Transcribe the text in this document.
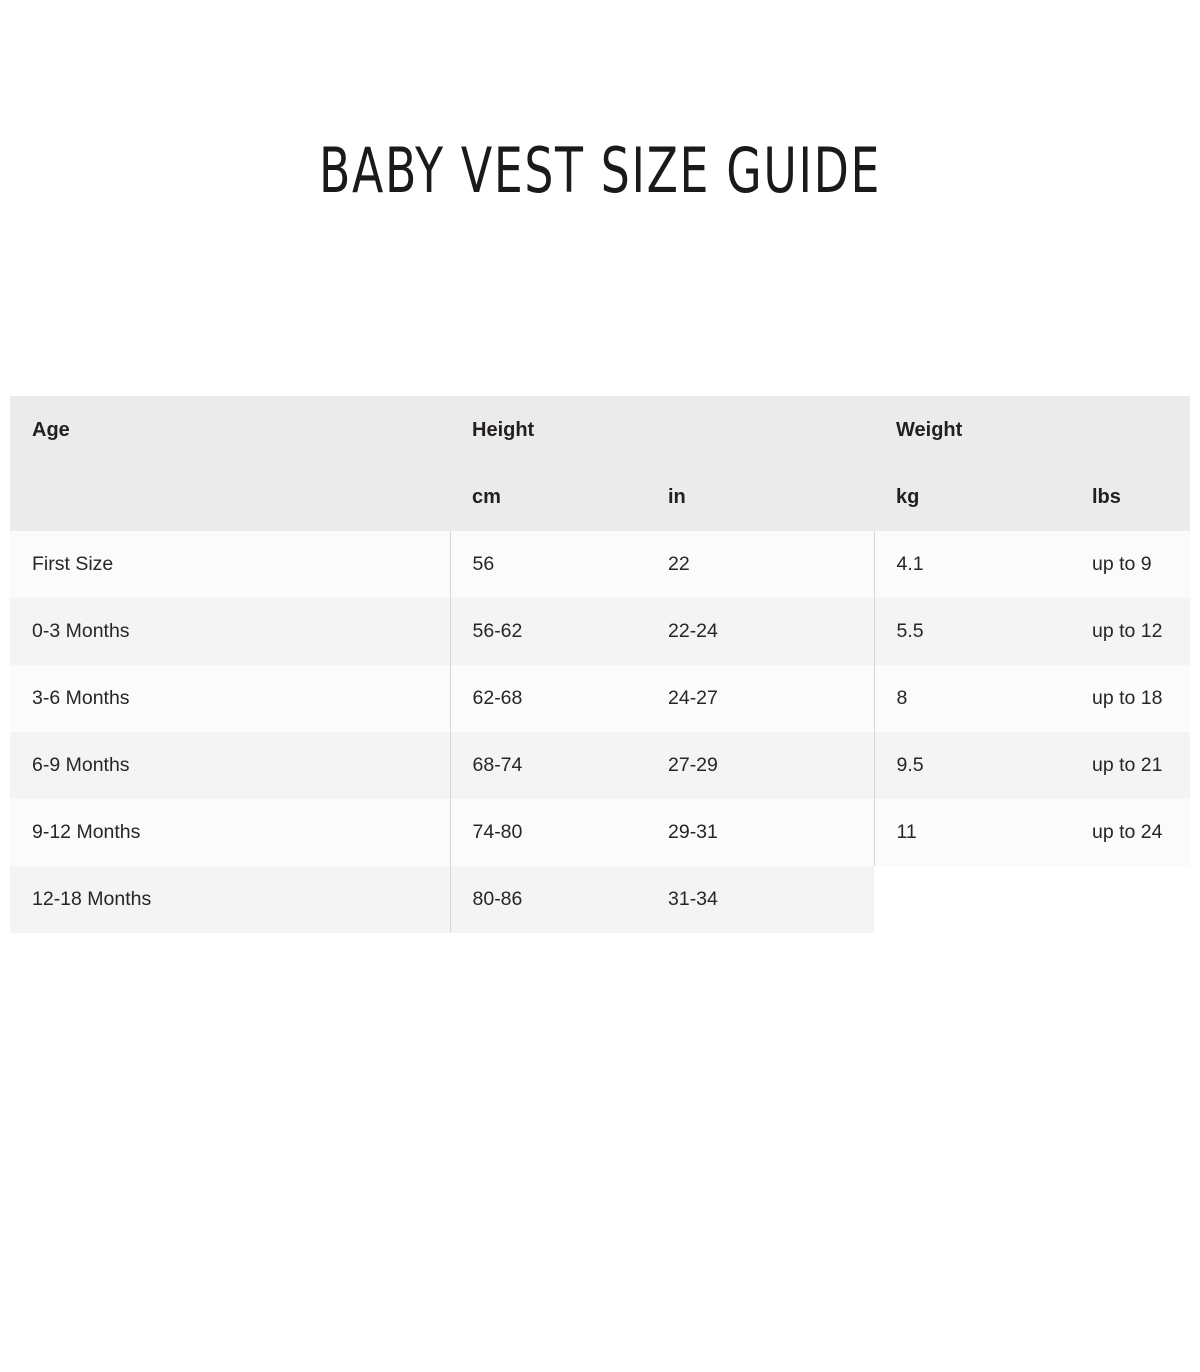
BABY VEST SIZE GUIDE
Age	Height		Weight	
	cm	in	kg	lbs
First Size	56	22	4.1	up to 9
0-3 Months	56-62	22-24	5.5	up to 12
3-6 Months	62-68	24-27	8	up to 18
6-9 Months	68-74	27-29	9.5	up to 21
9-12 Months	74-80	29-31	11	up to 24
12-18 Months	80-86	31-34		
